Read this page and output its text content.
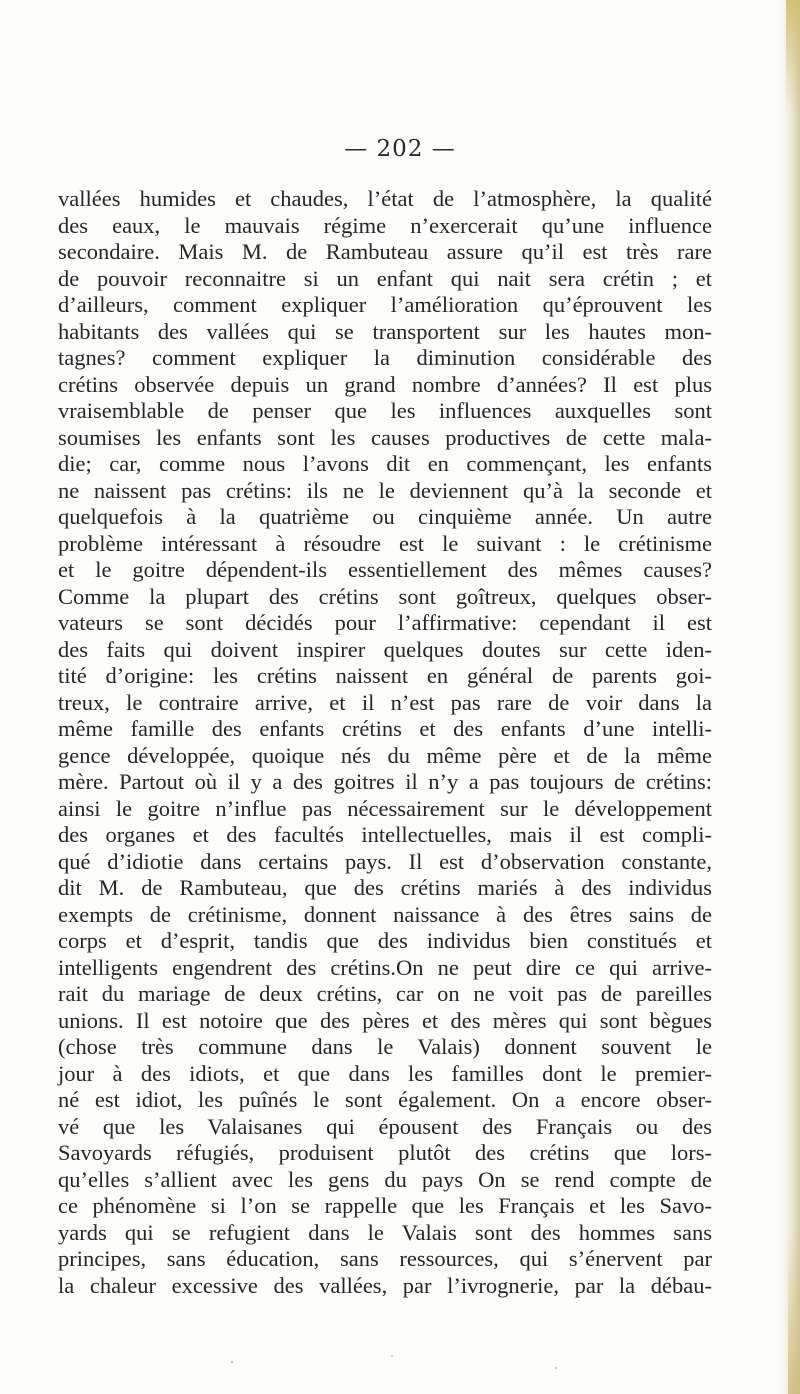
— 202 —
vallées humides et chaudes, l’état de l’atmosphère, la qualité
des eaux, le mauvais régime n’exercerait qu’une influence
secondaire. Mais M. de Rambuteau assure qu’il est très rare
de pouvoir reconnaitre si un enfant qui nait sera crétin ; et
d’ailleurs, comment expliquer l’amélioration qu’éprouvent les
habitants des vallées qui se transportent sur les hautes mon-
tagnes? comment expliquer la diminution considérable des
crétins observée depuis un grand nombre d’années? Il est plus
vraisemblable de penser que les influences auxquelles sont
soumises les enfants sont les causes productives de cette mala-
die; car, comme nous l’avons dit en commençant, les enfants
ne naissent pas crétins: ils ne le deviennent qu’à la seconde et
quelquefois à la quatrième ou cinquième année. Un autre
problème intéressant à résoudre est le suivant : le crétinisme
et le goitre dépendent-ils essentiellement des mêmes causes?
Comme la plupart des crétins sont goîtreux, quelques obser-
vateurs se sont décidés pour l’affirmative: cependant il est
des faits qui doivent inspirer quelques doutes sur cette iden-
tité d’origine: les crétins naissent en général de parents goi-
treux, le contraire arrive, et il n’est pas rare de voir dans la
même famille des enfants crétins et des enfants d’une intelli-
gence développée, quoique nés du même père et de la même
mère. Partout où il y a des goitres il n’y a pas toujours de crétins:
ainsi le goitre n’influe pas nécessairement sur le développement
des organes et des facultés intellectuelles, mais il est compli-
qué d’idiotie dans certains pays. Il est d’observation constante,
dit M. de Rambuteau, que des crétins mariés à des individus
exempts de crétinisme, donnent naissance à des êtres sains de
corps et d’esprit, tandis que des individus bien constitués et
intelligents engendrent des crétins.On ne peut dire ce qui arrive-
rait du mariage de deux crétins, car on ne voit pas de pareilles
unions. Il est notoire que des pères et des mères qui sont bègues
(chose très commune dans le Valais) donnent souvent le
jour à des idiots, et que dans les familles dont le premier-
né est idiot, les puînés le sont également. On a encore obser-
vé que les Valaisanes qui épousent des Français ou des
Savoyards réfugiés, produisent plutôt des crétins que lors-
qu’elles s’allient avec les gens du pays On se rend compte de
ce phénomène si l’on se rappelle que les Français et les Savo-
yards qui se refugient dans le Valais sont des hommes sans
principes, sans éducation, sans ressources, qui s’énervent par
la chaleur excessive des vallées, par l’ivrognerie, par la débau-
